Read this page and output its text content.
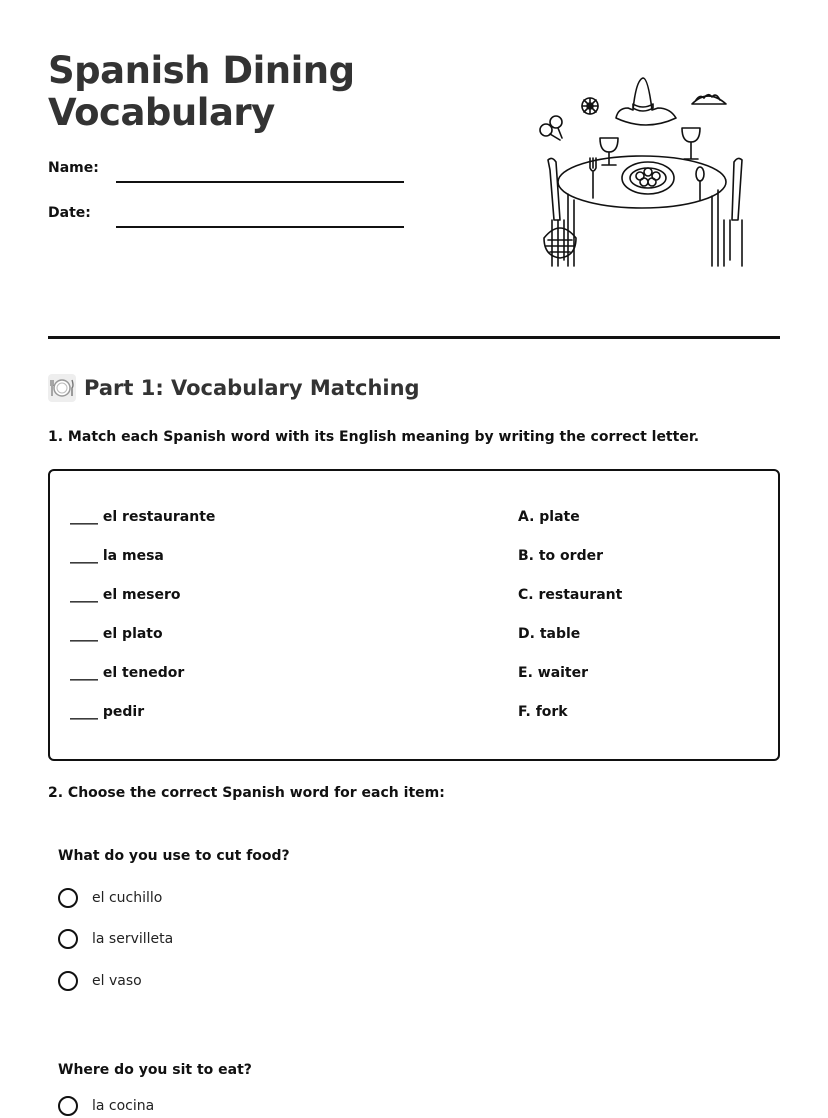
Spanish Dining
Vocabulary
Name:
Date:
Part 1: Vocabulary Matching
1. Match each Spanish word with its English meaning by writing the correct letter.
____ el restaurante	A. plate
____ la mesa	B. to order
____ el mesero	C. restaurant
____ el plato	D. table
____ el tenedor	E. waiter
____ pedir	F. fork
2. Choose the correct Spanish word for each item:
What do you use to cut food?
el cuchillo
la servilleta
el vaso
Where do you sit to eat?
la cocina
